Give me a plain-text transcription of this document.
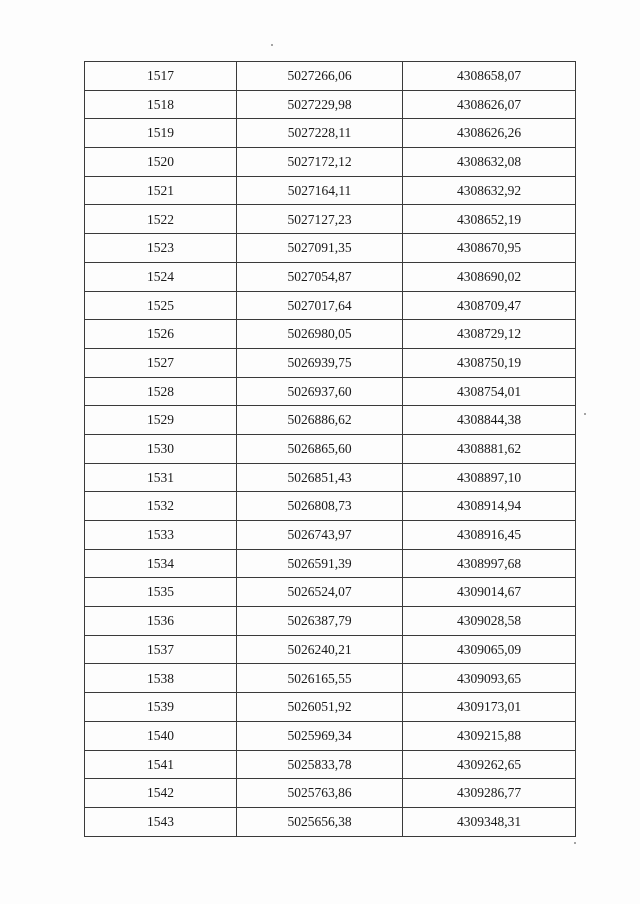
1517	5027266,06	4308658,07
1518	5027229,98	4308626,07
1519	5027228,11	4308626,26
1520	5027172,12	4308632,08
1521	5027164,11	4308632,92
1522	5027127,23	4308652,19
1523	5027091,35	4308670,95
1524	5027054,87	4308690,02
1525	5027017,64	4308709,47
1526	5026980,05	4308729,12
1527	5026939,75	4308750,19
1528	5026937,60	4308754,01
1529	5026886,62	4308844,38
1530	5026865,60	4308881,62
1531	5026851,43	4308897,10
1532	5026808,73	4308914,94
1533	5026743,97	4308916,45
1534	5026591,39	4308997,68
1535	5026524,07	4309014,67
1536	5026387,79	4309028,58
1537	5026240,21	4309065,09
1538	5026165,55	4309093,65
1539	5026051,92	4309173,01
1540	5025969,34	4309215,88
1541	5025833,78	4309262,65
1542	5025763,86	4309286,77
1543	5025656,38	4309348,31
